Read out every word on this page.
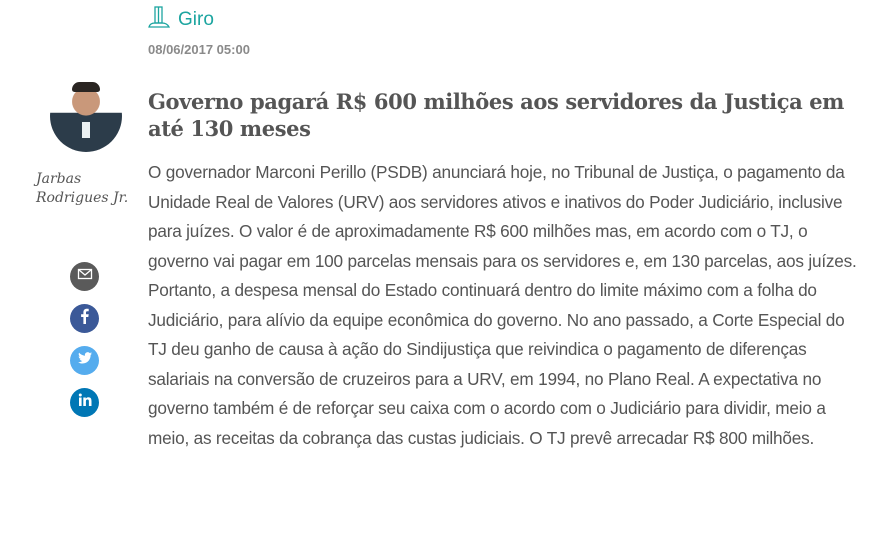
Giro
08/06/2017 05:00
Jarbas
Rodrigues Jr.
Governo pagará R$ 600 milhões aos servidores da Justiça em até 130 meses

O governador Marconi Perillo (PSDB) anunciará hoje, no Tribunal de Justiça, o pagamento da Unidade Real de Valores (URV) aos servidores ativos e inativos do Poder Judiciário, inclusive para juízes. O valor é de aproximadamente R$ 600 milhões mas, em acordo com o TJ, o governo vai pagar em 100 parcelas mensais para os servidores e, em 130 parcelas, aos juízes. Portanto, a despesa mensal do Estado continuará dentro do limite máximo com a folha do Judiciário, para alívio da equipe econômica do governo. No ano passado, a Corte Especial do TJ deu ganho de causa à ação do Sindijustiça que reivindica o pagamento de diferenças salariais na conversão de cruzeiros para a URV, em 1994, no Plano Real. A expectativa no governo também é de reforçar seu caixa com o acordo com o Judiciário para dividir, meio a meio, as receitas da cobrança das custas judiciais. O TJ prevê arrecadar R$ 800 milhões.
